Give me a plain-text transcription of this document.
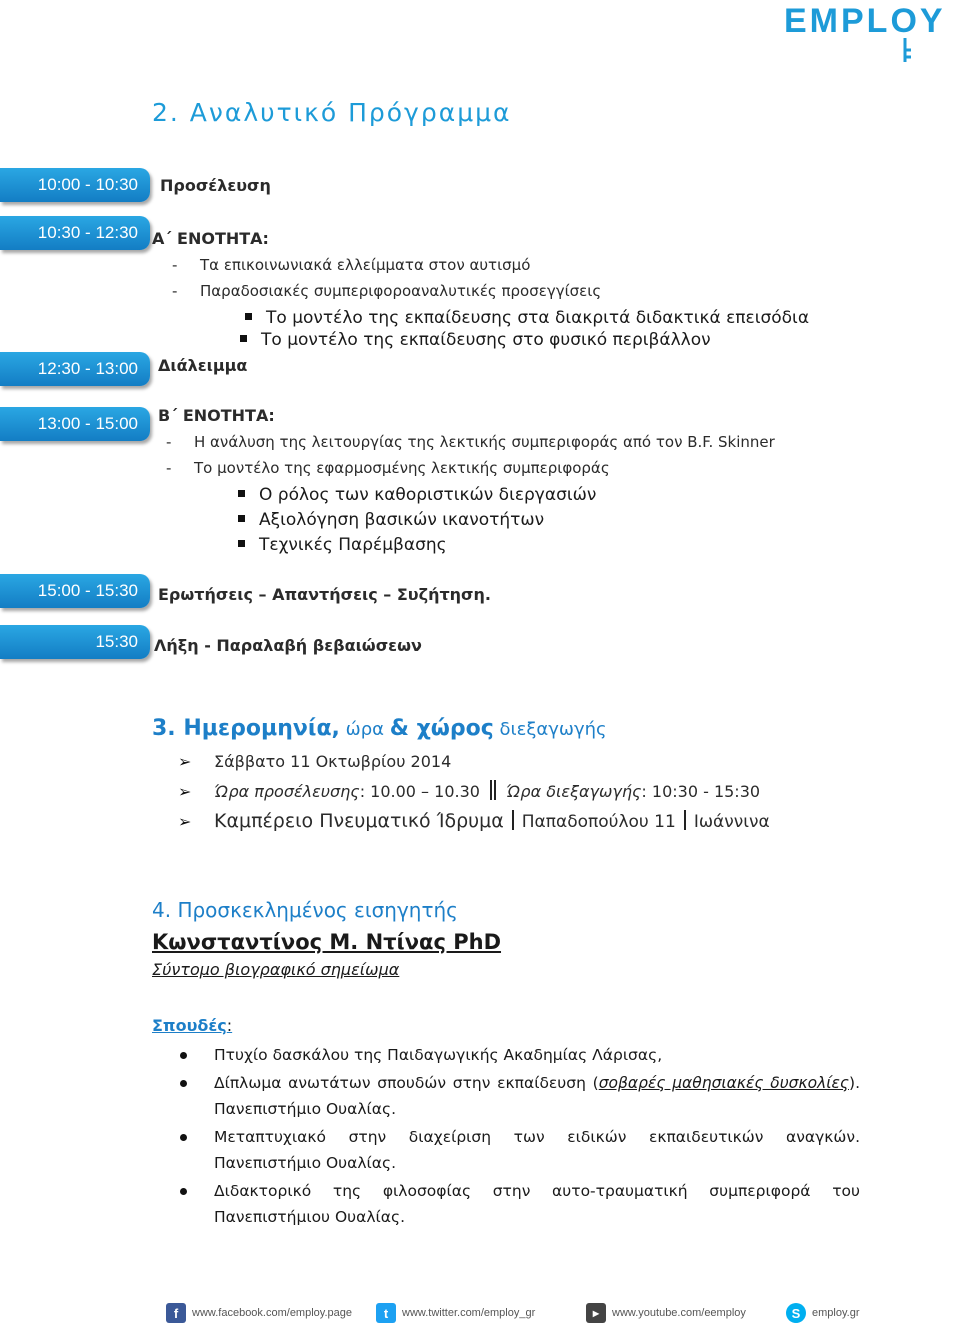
EMPLOY
2. Αναλυτικό Πρόγραμμα
10:00 - 10:30	Προσέλευση
10:30 - 12:30 Α΄ ΕΝΟΤΗΤΑ:
- Τα επικοινωνιακά ελλείμματα στον αυτισμό
- Παραδοσιακές συμπεριφοροαναλυτικές προσεγγίσεις
Το μοντέλο της εκπαίδευσης στα διακριτά διδακτικά επεισόδια
Το μοντέλο της εκπαίδευσης στο φυσικό περιβάλλον
12:30 - 13:00	Διάλειμμα
13:00 - 15:00	Β΄ ΕΝΟΤΗΤΑ:
- Η ανάλυση της λειτουργίας της λεκτικής συμπεριφοράς από τον B.F. Skinner
- Το μοντέλο της εφαρμοσμένης λεκτικής συμπεριφοράς
Ο ρόλος των καθοριστικών διεργασιών
Αξιολόγηση βασικών ικανοτήτων
Τεχνικές Παρέμβασης
15:00 - 15:30	Ερωτήσεις – Απαντήσεις – Συζήτηση.
15:30	Λήξη - Παραλαβή βεβαιώσεων
3. Ημερομηνία, ώρα & χώρος διεξαγωγής
➢ Σάββατο 11 Οκτωβρίου 2014
➢ Ώρα προσέλευσης: 10.00 – 10.30 Ώρα διεξαγωγής: 10:30 - 15:30
➢ Καμπέρειο Πνευματικό Ίδρυμα Παπαδοπούλου 11 Ιωάννινα
4. Προσκεκλημένος εισηγητής
Κωνσταντίνος Μ. Ντίνας PhD
Σύντομο βιογραφικό σημείωμα
Σπουδές:
Πτυχίο δασκάλου της Παιδαγωγικής Ακαδημίας Λάρισας,
Δίπλωμα ανωτάτων σπουδών στην εκπαίδευση (σοβαρές μαθησιακές δυσκολίες). Πανεπιστήμιο Ουαλίας.
Μεταπτυχιακό στην διαχείριση των ειδικών εκπαιδευτικών αναγκών. Πανεπιστήμιο Ουαλίας.
Διδακτορικό της φιλοσοφίας στην αυτο-τραυματική συμπεριφορά του Πανεπιστήμιου Ουαλίας.
f	www.facebook.com/employ.page	t	www.twitter.com/employ_gr	▶	www.youtube.com/eemploy	S	employ.gr
